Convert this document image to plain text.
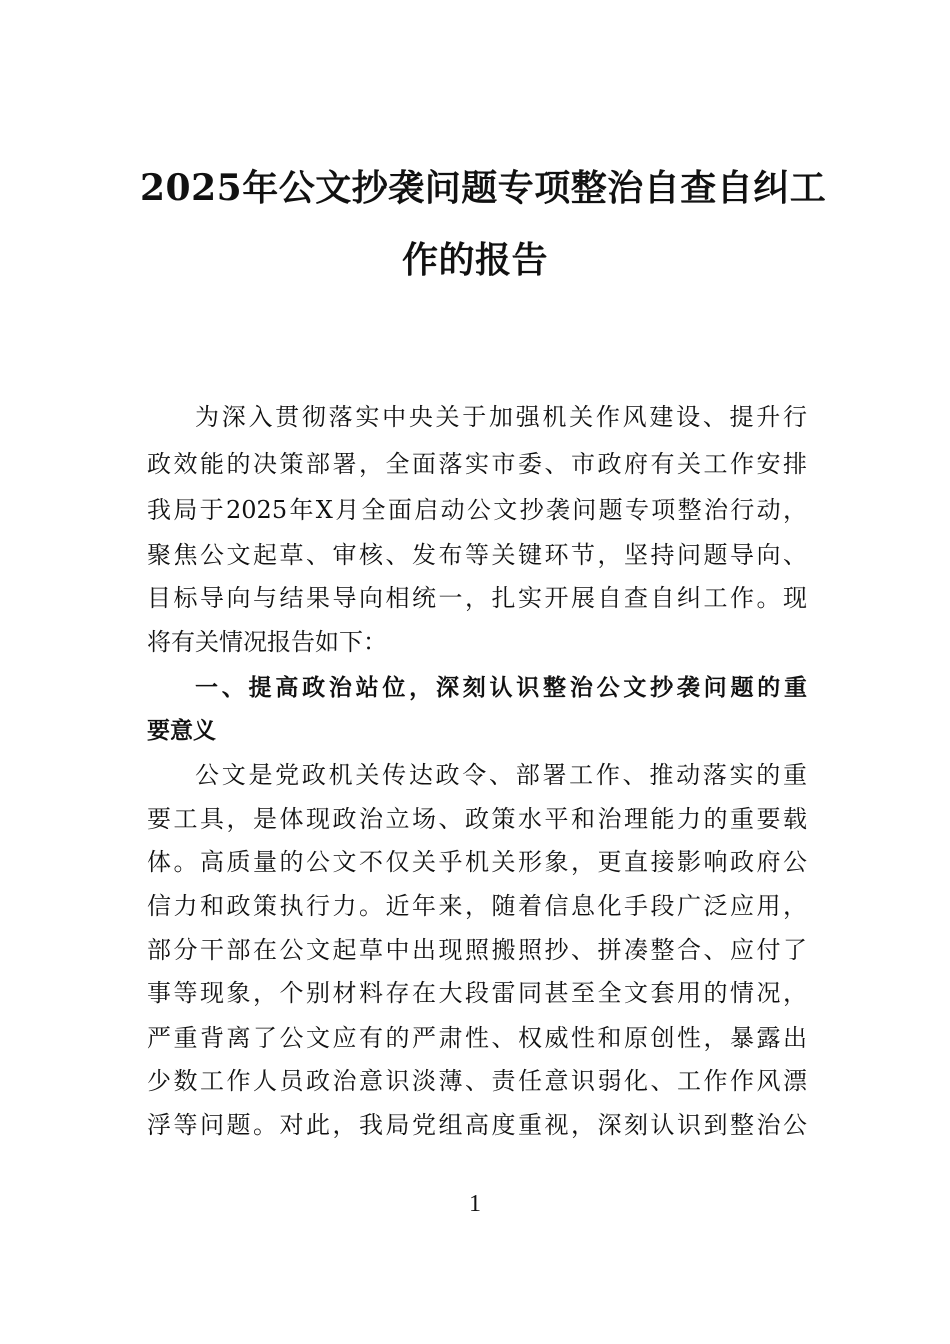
2025年公文抄袭问题专项整治自查自纠工
作的报告
为深入贯彻落实中央关于加强机关作风建设、提升行
政效能的决策部署，全面落实市委、市政府有关工作安排
我局于2025年X月全面启动公文抄袭问题专项整治行动，
聚焦公文起草、审核、发布等关键环节，坚持问题导向、
目标导向与结果导向相统一，扎实开展自查自纠工作。现
将有关情况报告如下：
一、提高政治站位，深刻认识整治公文抄袭问题的重
要意义
公文是党政机关传达政令、部署工作、推动落实的重
要工具，是体现政治立场、政策水平和治理能力的重要载
体。高质量的公文不仅关乎机关形象，更直接影响政府公
信力和政策执行力。近年来，随着信息化手段广泛应用，
部分干部在公文起草中出现照搬照抄、拼凑整合、应付了
事等现象，个别材料存在大段雷同甚至全文套用的情况，
严重背离了公文应有的严肃性、权威性和原创性，暴露出
少数工作人员政治意识淡薄、责任意识弱化、工作作风漂
浮等问题。对此，我局党组高度重视，深刻认识到整治公
1
